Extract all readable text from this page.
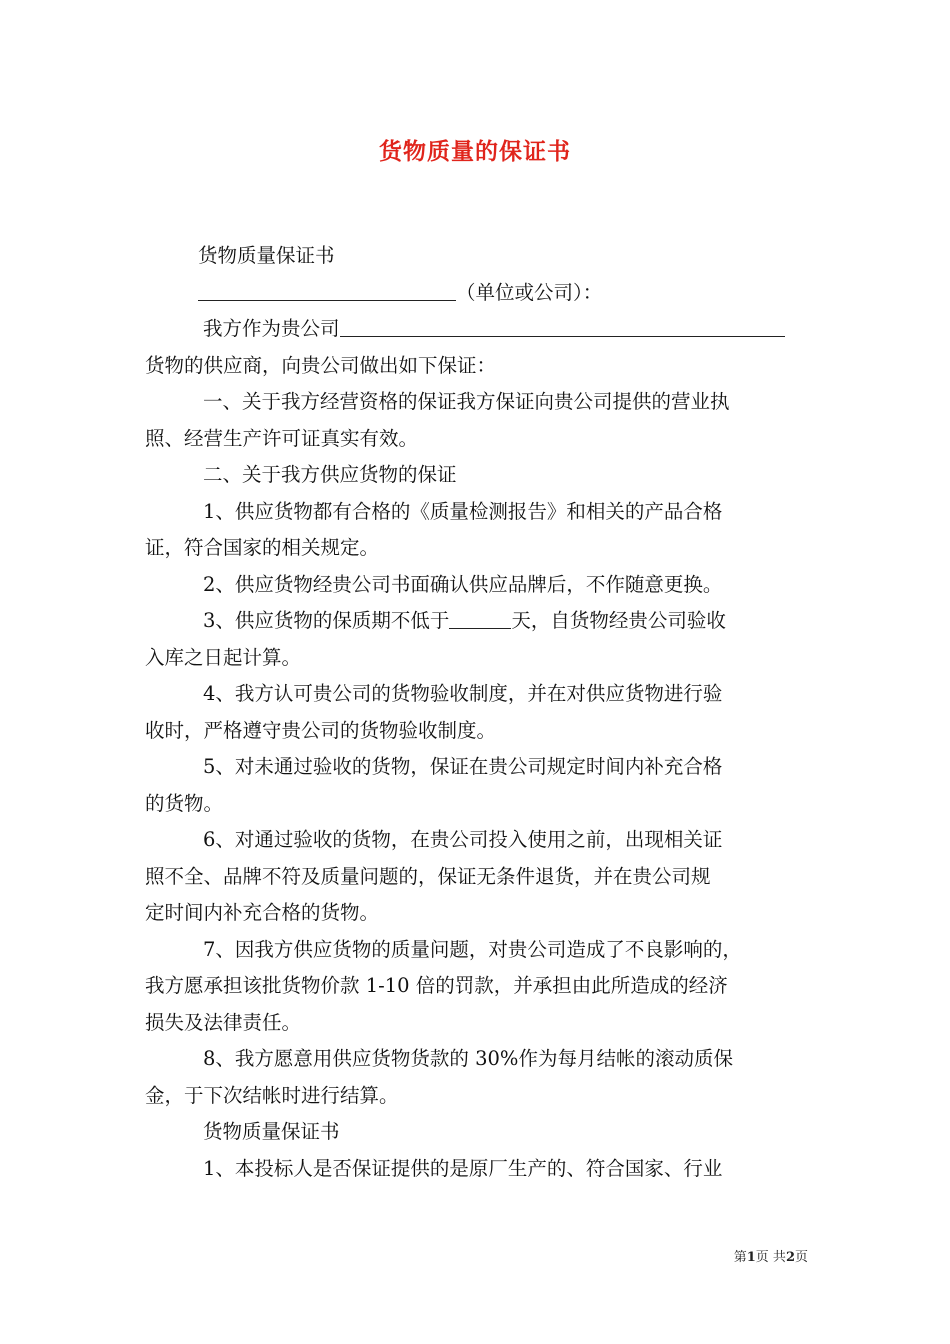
货物质量的保证书

货物质量保证书

（单位或公司）：

我方作为贵公司

货物的供应商，向贵公司做出如下保证：

一、关于我方经营资格的保证我方保证向贵公司提供的营业执

照、经营生产许可证真实有效。

二、关于我方供应货物的保证

1、供应货物都有合格的《质量检测报告》和相关的产品合格

证，符合国家的相关规定。

2、供应货物经贵公司书面确认供应品牌后，不作随意更换。

3、供应货物的保质期不低于	天，自货物经贵公司验收

入库之日起计算。

4、我方认可贵公司的货物验收制度，并在对供应货物进行验

收时，严格遵守贵公司的货物验收制度。

5、对未通过验收的货物，保证在贵公司规定时间内补充合格

的货物。

6、对通过验收的货物，在贵公司投入使用之前，出现相关证

照不全、品牌不符及质量问题的，保证无条件退货，并在贵公司规

定时间内补充合格的货物。

7、因我方供应货物的质量问题，对贵公司造成了不良影响的，

我方愿承担该批货物价款 1-10 倍的罚款，并承担由此所造成的经济

损失及法律责任。

8、我方愿意用供应货物货款的 30%作为每月结帐的滚动质保

金，于下次结帐时进行结算。

货物质量保证书

1、本投标人是否保证提供的是原厂生产的、符合国家、行业

第1页 共2页
